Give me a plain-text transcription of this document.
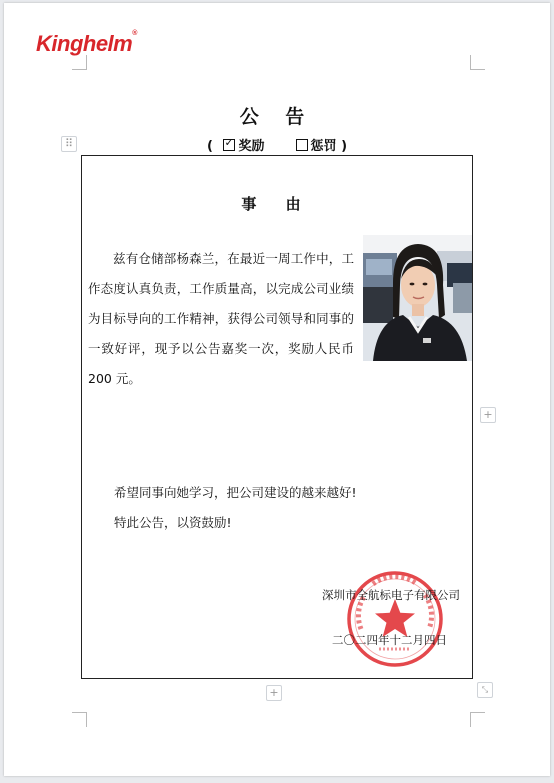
Kinghelm®
公 告
( ✓ 奖励	惩罚 )
⠿
+
+	⤡
事 由

兹有仓储部杨森兰，在最近一周工作中，工作态度认真负责，工作质量高，以完成公司业绩为目标导向的工作精神，获得公司领导和同事的一致好评，现予以公告嘉奖一次，奖励人民币 200 元。

希望同事向她学习，把公司建设的越来越好!
特此公告，以资鼓励!
深圳市全航标电子有限公司
二〇二四年十二月四日
